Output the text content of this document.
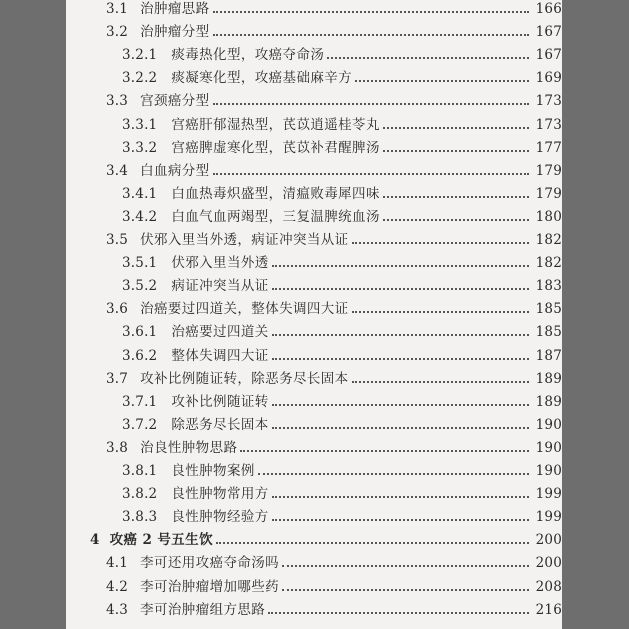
3.1 治肿瘤思路	166
3.2 治肿瘤分型	167
3.2.1 痰毒热化型，攻癌夺命汤	167
3.2.2 痰凝寒化型，攻癌基础麻辛方	169
3.3 宫颈癌分型	173
3.3.1 宫癌肝郁湿热型，芪苡逍遥桂苓丸	173
3.3.2 宫癌脾虚寒化型，芪苡补君醒脾汤	177
3.4 白血病分型	179
3.4.1 白血热毒炽盛型，清瘟败毒犀四味	179
3.4.2 白血气血两竭型，三复温脾统血汤	180
3.5 伏邪入里当外透，病证冲突当从证	182
3.5.1 伏邪入里当外透	182
3.5.2 病证冲突当从证	183
3.6 治癌要过四道关，整体失调四大证	185
3.6.1 治癌要过四道关	185
3.6.2 整体失调四大证	187
3.7 攻补比例随证转，除恶务尽长固本	189
3.7.1 攻补比例随证转	189
3.7.2 除恶务尽长固本	190
3.8 治良性肿物思路	190
3.8.1 良性肿物案例	190
3.8.2 良性肿物常用方	199
3.8.3 良性肿物经验方	199
4 攻癌 2 号五生饮	200
4.1 李可还用攻癌夺命汤吗	200
4.2 李可治肿瘤增加哪些药	208
4.3 李可治肿瘤组方思路	216
